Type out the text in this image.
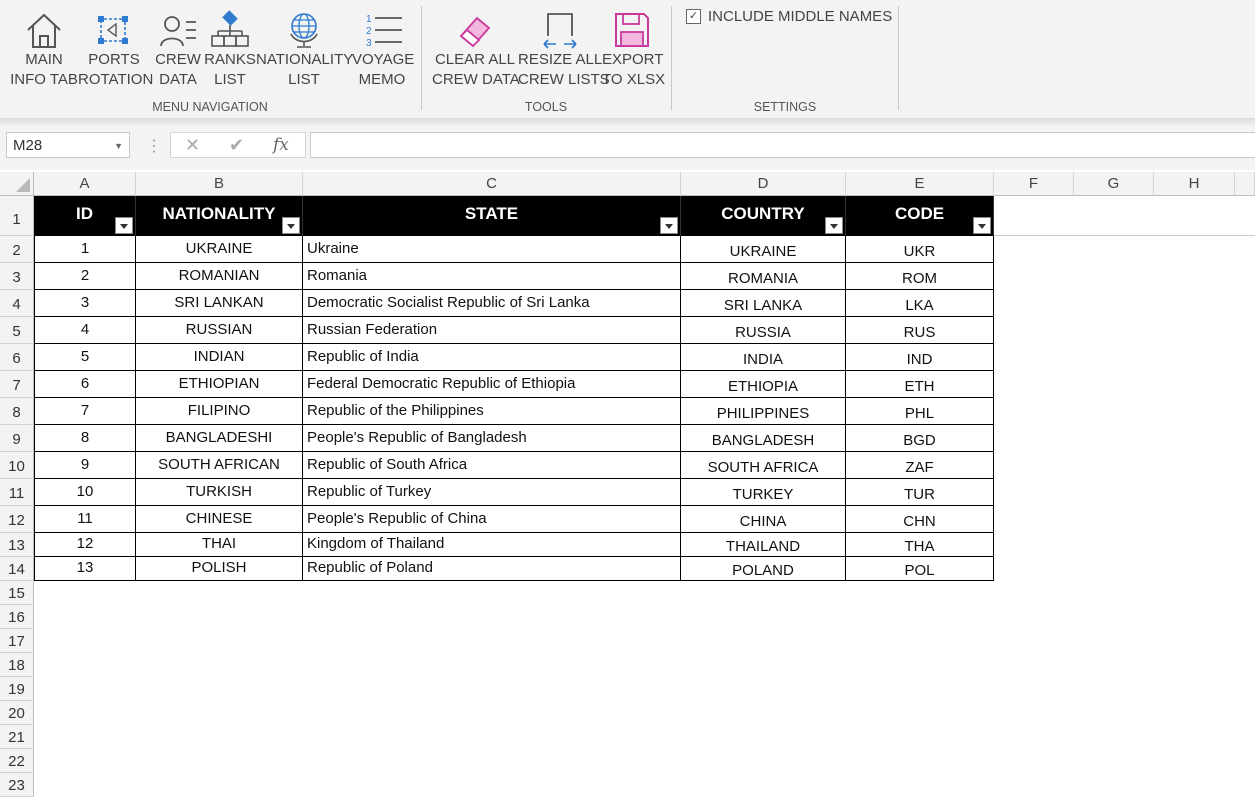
MAIN
INFO TAB
PORTS
ROTATION
CREW
DATA
RANKS
LIST
NATIONALITY
LIST
1
2
3
VOYAGE
MEMO
MENU NAVIGATION
CLEAR ALL
CREW DATA
RESIZE ALL
CREW LISTS
EXPORT
TO XLSX
TOOLS
✓ INCLUDE MIDDLE NAMES
SETTINGS
M28	▼ ⋮ ✕ ✔ fx
A	B	C	D	E	F	G	H
1
2
3
4
5
6
7
8
9
10
11
12
13
14
15
16
17
18
19
20
21
22
23
ID	NATIONALITY	STATE	COUNTRY	CODE
1	UKRAINE	Ukraine	UKRAINE	UKR
2	ROMANIAN	Romania	ROMANIA	ROM
3	SRI LANKAN	Democratic Socialist Republic of Sri Lanka	SRI LANKA	LKA
4	RUSSIAN	Russian Federation	RUSSIA	RUS
5	INDIAN	Republic of India	INDIA	IND
6	ETHIOPIAN	Federal Democratic Republic of Ethiopia	ETHIOPIA	ETH
7	FILIPINO	Republic of the Philippines	PHILIPPINES	PHL
8	BANGLADESHI	People's Republic of Bangladesh	BANGLADESH	BGD
9	SOUTH AFRICAN	Republic of South Africa	SOUTH AFRICA	ZAF
10	TURKISH	Republic of Turkey	TURKEY	TUR
11	CHINESE	People's Republic of China	CHINA	CHN
12	THAI	Kingdom of Thailand	THAILAND	THA
13	POLISH	Republic of Poland	POLAND	POL
